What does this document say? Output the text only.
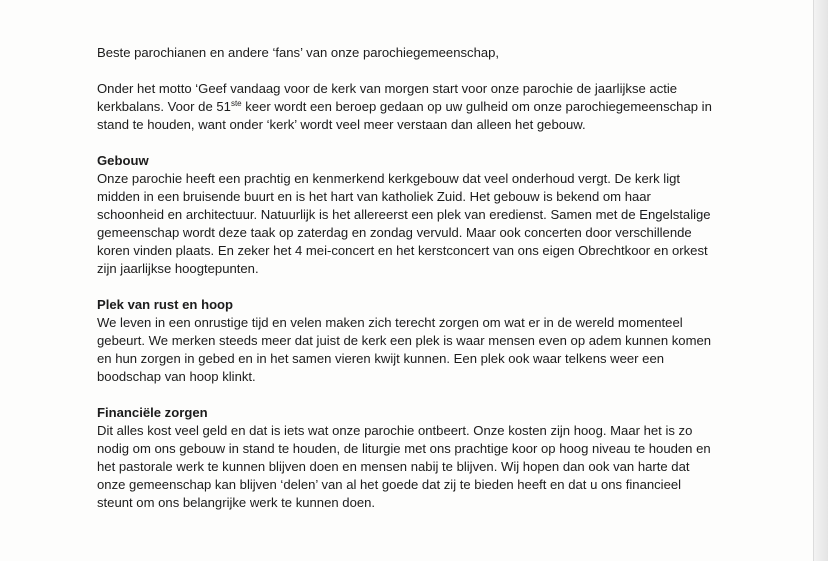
Beste parochianen en andere ‘fans’ van onze parochiegemeenschap,

Onder het motto ‘Geef vandaag voor de kerk van morgen start voor onze parochie de jaarlijkse actie kerkbalans. Voor de 51ste keer wordt een beroep gedaan op uw gulheid om onze parochiegemeenschap in stand te houden, want onder ‘kerk’ wordt veel meer verstaan dan alleen het gebouw.

Gebouw

Onze parochie heeft een prachtig en kenmerkend kerkgebouw dat veel onderhoud vergt. De kerk ligt midden in een bruisende buurt en is het hart van katholiek Zuid. Het gebouw is bekend om haar schoonheid en architectuur. Natuurlijk is het allereerst een plek van eredienst. Samen met de Engelstalige gemeenschap wordt deze taak op zaterdag en zondag vervuld. Maar ook concerten door verschillende koren vinden plaats. En zeker het 4 mei-concert en het kerstconcert van ons eigen Obrechtkoor en orkest zijn jaarlijkse hoogtepunten.

Plek van rust en hoop

We leven in een onrustige tijd en velen maken zich terecht zorgen om wat er in de wereld momenteel gebeurt. We merken steeds meer dat juist de kerk een plek is waar mensen even op adem kunnen komen en hun zorgen in gebed en in het samen vieren kwijt kunnen. Een plek ook waar telkens weer een boodschap van hoop klinkt.

Financiële zorgen

Dit alles kost veel geld en dat is iets wat onze parochie ontbeert. Onze kosten zijn hoog. Maar het is zo nodig om ons gebouw in stand te houden, de liturgie met ons prachtige koor op hoog niveau te houden en het pastorale werk te kunnen blijven doen en mensen nabij te blijven. Wij hopen dan ook van harte dat onze gemeenschap kan blijven ‘delen’ van al het goede dat zij te bieden heeft en dat u ons financieel steunt om ons belangrijke werk te kunnen doen.
